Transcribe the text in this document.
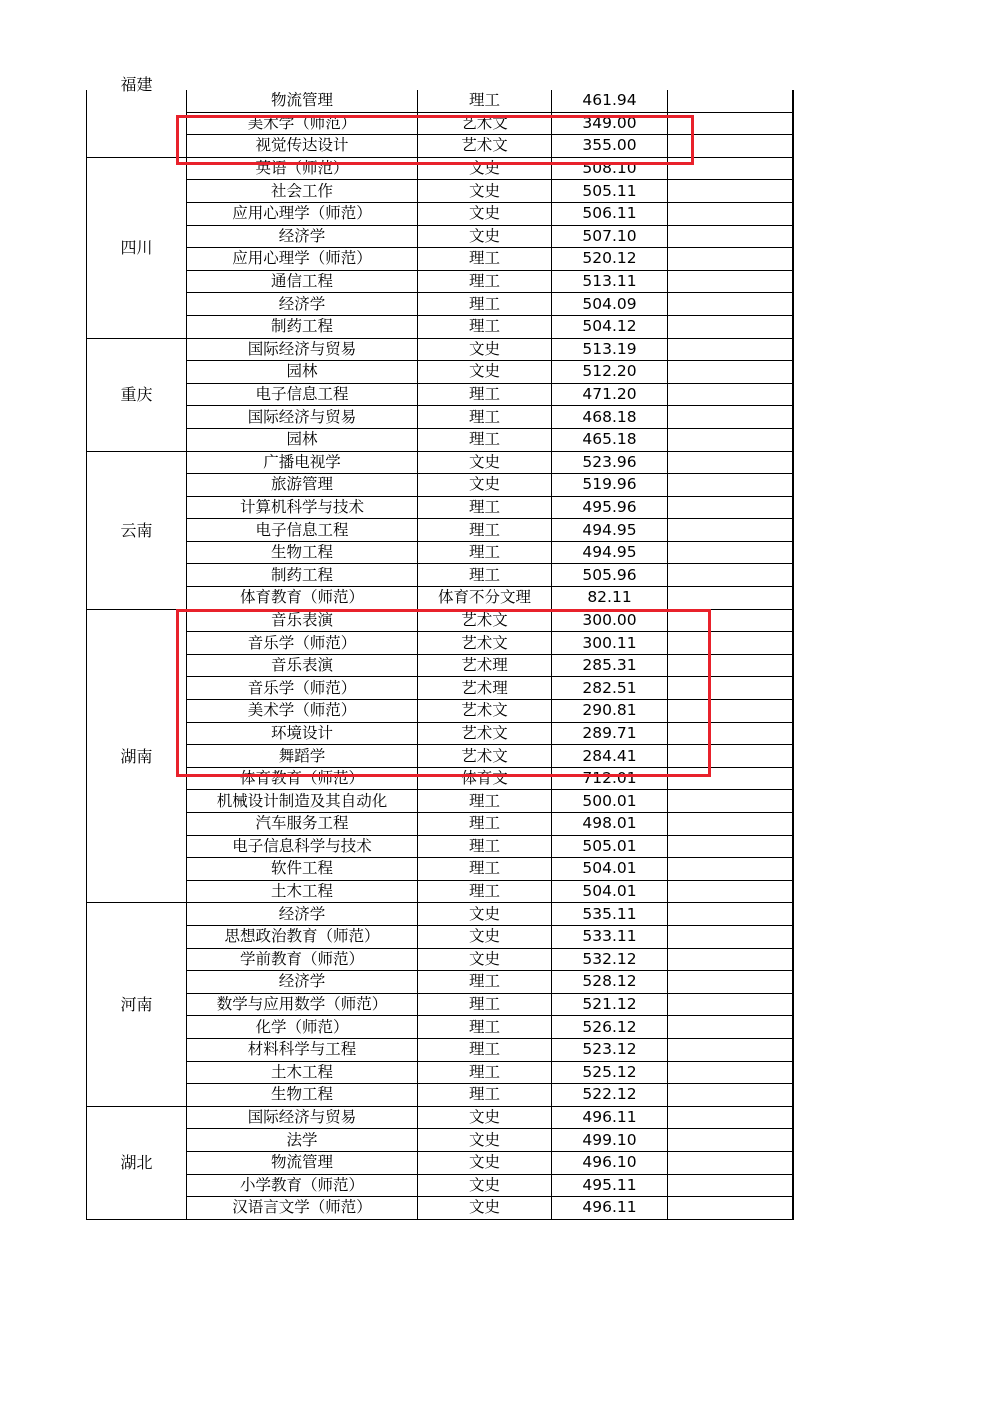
福建	物流管理	理工	461.94	
	美术学（师范）	艺术文	349.00	
	视觉传达设计	艺术文	355.00	
四川	英语（师范）	文史	508.10	
	社会工作	文史	505.11	
	应用心理学（师范）	文史	506.11	
	经济学	文史	507.10	
	应用心理学（师范）	理工	520.12	
	通信工程	理工	513.11	
	经济学	理工	504.09	
	制药工程	理工	504.12	
重庆	国际经济与贸易	文史	513.19	
	园林	文史	512.20	
	电子信息工程	理工	471.20	
	国际经济与贸易	理工	468.18	
	园林	理工	465.18	
云南	广播电视学	文史	523.96	
	旅游管理	文史	519.96	
	计算机科学与技术	理工	495.96	
	电子信息工程	理工	494.95	
	生物工程	理工	494.95	
	制药工程	理工	505.96	
	体育教育（师范）	体育不分文理	82.11	
湖南	音乐表演	艺术文	300.00	
	音乐学（师范）	艺术文	300.11	
	音乐表演	艺术理	285.31	
	音乐学（师范）	艺术理	282.51	
	美术学（师范）	艺术文	290.81	
	环境设计	艺术文	289.71	
	舞蹈学	艺术文	284.41	
	体育教育（师范）	体育文	712.01	
	机械设计制造及其自动化	理工	500.01	
	汽车服务工程	理工	498.01	
	电子信息科学与技术	理工	505.01	
	软件工程	理工	504.01	
	土木工程	理工	504.01	
河南	经济学	文史	535.11	
	思想政治教育（师范）	文史	533.11	
	学前教育（师范）	文史	532.12	
	经济学	理工	528.12	
	数学与应用数学（师范）	理工	521.12	
	化学（师范）	理工	526.12	
	材料科学与工程	理工	523.12	
	土木工程	理工	525.12	
	生物工程	理工	522.12	
湖北	国际经济与贸易	文史	496.11	
	法学	文史	499.10	
	物流管理	文史	496.10	
	小学教育（师范）	文史	495.11	
	汉语言文学（师范）	文史	496.11	
